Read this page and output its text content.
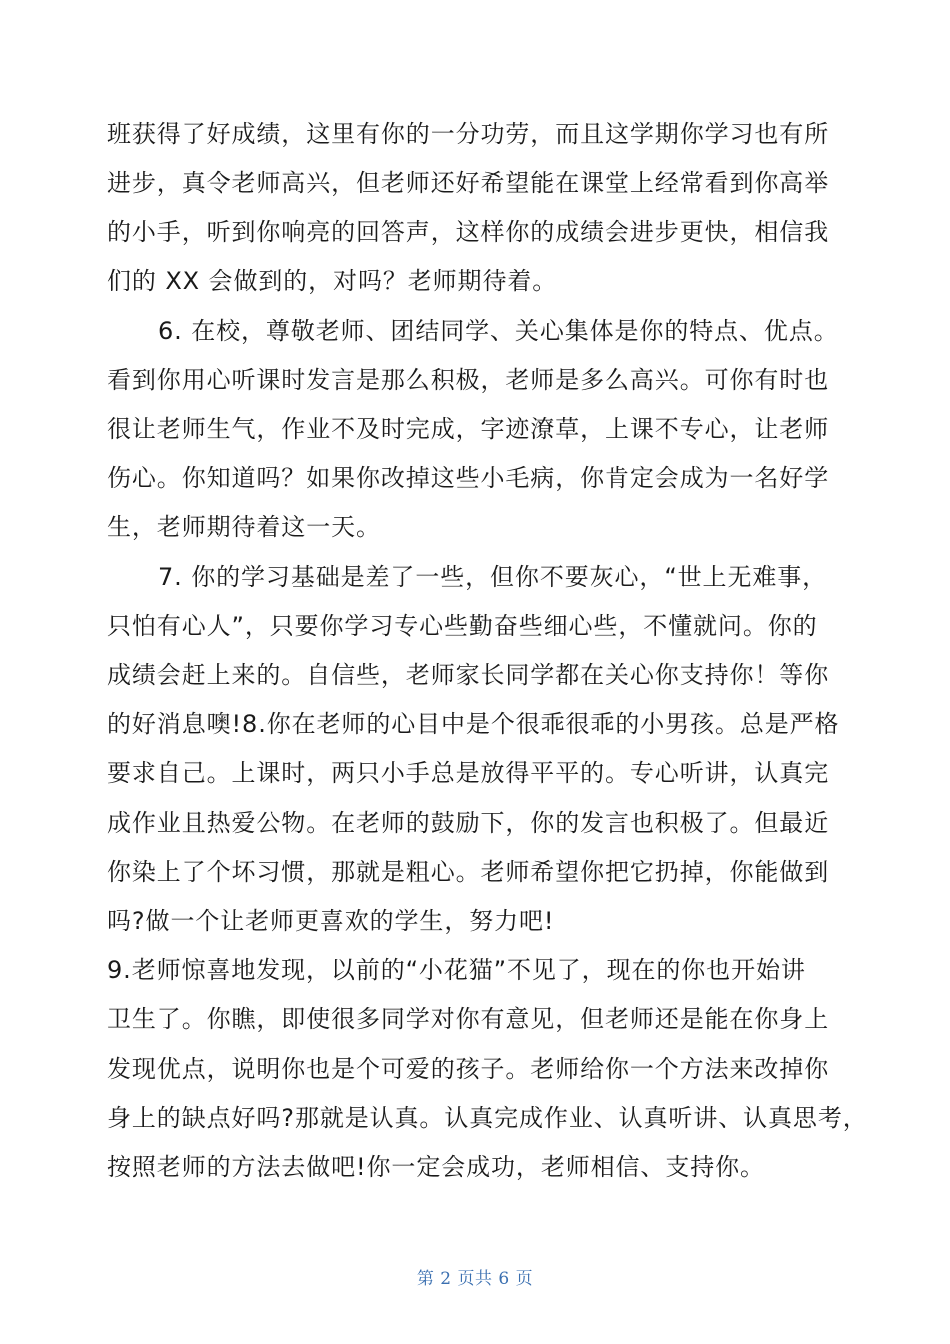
班获得了好成绩，这里有你的一分功劳，而且这学期你学习也有所
进步，真令老师高兴，但老师还好希望能在课堂上经常看到你高举
的小手，听到你响亮的回答声，这样你的成绩会进步更快，相信我
们的 XX 会做到的，对吗？老师期待着。
6. 在校，尊敬老师、团结同学、关心集体是你的特点、优点。
看到你用心听课时发言是那么积极，老师是多么高兴。可你有时也
很让老师生气，作业不及时完成，字迹潦草，上课不专心，让老师
伤心。你知道吗？如果你改掉这些小毛病，你肯定会成为一名好学
生，老师期待着这一天。
7. 你的学习基础是差了一些，但你不要灰心，“世上无难事，
只怕有心人”，只要你学习专心些勤奋些细心些，不懂就问。你的
成绩会赶上来的。自信些，老师家长同学都在关心你支持你！等你
的好消息噢!8.你在老师的心目中是个很乖很乖的小男孩。总是严格
要求自己。上课时，两只小手总是放得平平的。专心听讲，认真完
成作业且热爱公物。在老师的鼓励下，你的发言也积极了。但最近
你染上了个坏习惯，那就是粗心。老师希望你把它扔掉，你能做到
吗?做一个让老师更喜欢的学生，努力吧!
9.老师惊喜地发现，以前的“小花猫”不见了，现在的你也开始讲
卫生了。你瞧，即使很多同学对你有意见，但老师还是能在你身上
发现优点，说明你也是个可爱的孩子。老师给你一个方法来改掉你
身上的缺点好吗?那就是认真。认真完成作业、认真听讲、认真思考，
按照老师的方法去做吧!你一定会成功，老师相信、支持你。
第 2 页共 6 页
